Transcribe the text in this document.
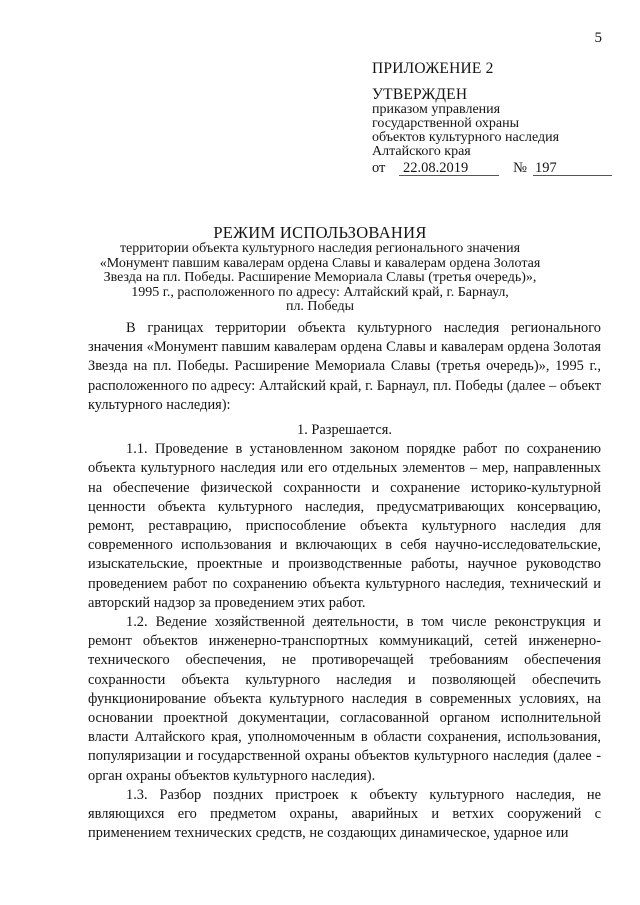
5
ПРИЛОЖЕНИЕ 2
УТВЕРЖДЕН
приказом управления
государственной охраны
объектов культурного наследия
Алтайского края
от	22.08.2019	№ 197
РЕЖИМ ИСПОЛЬЗОВАНИЯ
территории объекта культурного наследия регионального значения
«Монумент павшим кавалерам ордена Славы и кавалерам ордена Золотая
Звезда на пл. Победы. Расширение Мемориала Славы (третья очередь)»,
1995 г., расположенного по адресу: Алтайский край, г. Барнаул,
пл. Победы

В границах территории объекта культурного наследия регионального значения «Монумент павшим кавалерам ордена Славы и кавалерам ордена Золотая Звезда на пл. Победы. Расширение Мемориала Славы (третья очередь)», 1995 г., расположенного по адресу: Алтайский край, г. Барнаул, пл. Победы (далее – объект культурного наследия):

1. Разрешается.

1.1. Проведение в установленном законом порядке работ по сохранению объекта культурного наследия или его отдельных элементов – мер, направленных на обеспечение физической сохранности и сохранение историко-культурной ценности объекта культурного наследия, предусматривающих консервацию, ремонт, реставрацию, приспособление объекта культурного наследия для современного использования и включающих в себя научно-исследовательские, изыскательские, проектные и производственные работы, научное руководство проведением работ по сохранению объекта культурного наследия, технический и авторский надзор за проведением этих работ.

1.2. Ведение хозяйственной деятельности, в том числе реконструкция и ремонт объектов инженерно-транспортных коммуникаций, сетей инженерно-технического обеспечения, не противоречащей требованиям обеспечения сохранности объекта культурного наследия и позволяющей обеспечить функционирование объекта культурного наследия в современных условиях, на основании проектной документации, согласованной органом исполнительной власти Алтайского края, уполномоченным в области сохранения, использования, популяризации и государственной охраны объектов культурного наследия (далее - орган охраны объектов культурного наследия).

1.3. Разбор поздних пристроек к объекту культурного наследия, не являющихся его предметом охраны, аварийных и ветхих сооружений с применением технических средств, не создающих динамическое, ударное или
